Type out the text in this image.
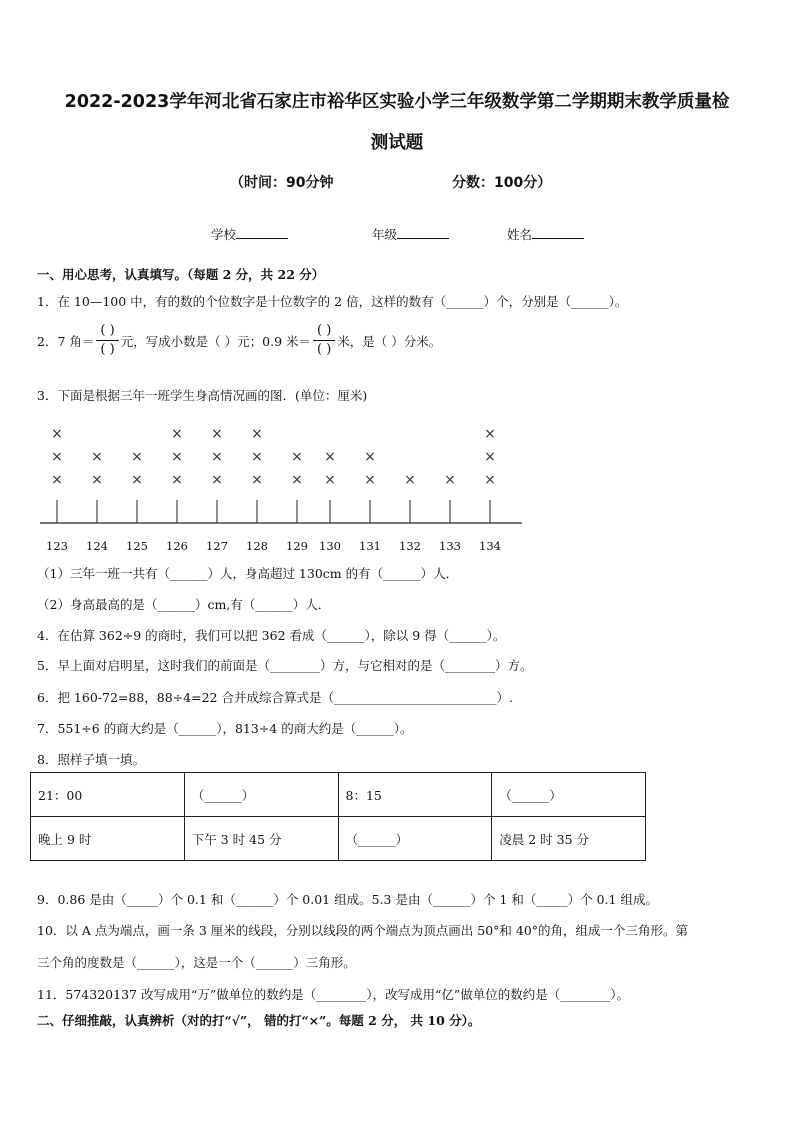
2022-2023学年河北省石家庄市裕华区实验小学三年级数学第二学期期末教学质量检
测试题
（时间：90分钟	分数：100分）
学校	年级	姓名
一、用心思考，认真填写。（每题 2 分，共 22 分）
1．在 10—100 中，有的数的个位数字是十位数字的 2 倍，这样的数有（______）个，分别是（______）。
2．7 角＝ $\frac{( )}{( )}$ 元，写成小数是（ ）元；0.9 米＝ $\frac{( )}{( )}$ 米，是（ ）分米。
3．下面是根据三年一班学生身高情况画的图．(单位：厘米)
×
×
×
×
×
×
×
×
×
×
×
×
×
×
×
×
×
×
×
×
×
×
× × ×
×
×
123 124 125 126 127 128 129 130 131 132 133 134
（1）三年一班一共有（______）人，身高超过 130cm 的有（______）人．
（2）身高最高的是（______）cm,有（______）人．
4．在估算 362÷9 的商时，我们可以把 362 看成（______），除以 9 得（______）。
5．早上面对启明星，这时我们的前面是（________）方，与它相对的是（________）方。
6．把 160-72=88，88÷4=22 合并成综合算式是（__________________________）.
7．551÷6 的商大约是（______），813÷4 的商大约是（______）。
8．照样子填一填。
21：00	（______）	8：15	（______）
晚上 9 时	下午 3 时 45 分	（______）	凌晨 2 时 35 分
9．0.86 是由（_____）个 0.1 和（______）个 0.01 组成。5.3 是由（______）个 1 和（_____）个 0.1 组成。
10．以 A 点为端点，画一条 3 厘米的线段，分别以线段的两个端点为顶点画出 50°和 40°的角，组成一个三角形。第
三个角的度数是（______），这是一个（______）三角形。
11．574320137 改写成用“万”做单位的数约是（________），改写成用“亿”做单位的数约是（________）。
二、仔细推敲，认真辨析（对的打“√”， 错的打“×”。每题 2 分， 共 10 分）。
